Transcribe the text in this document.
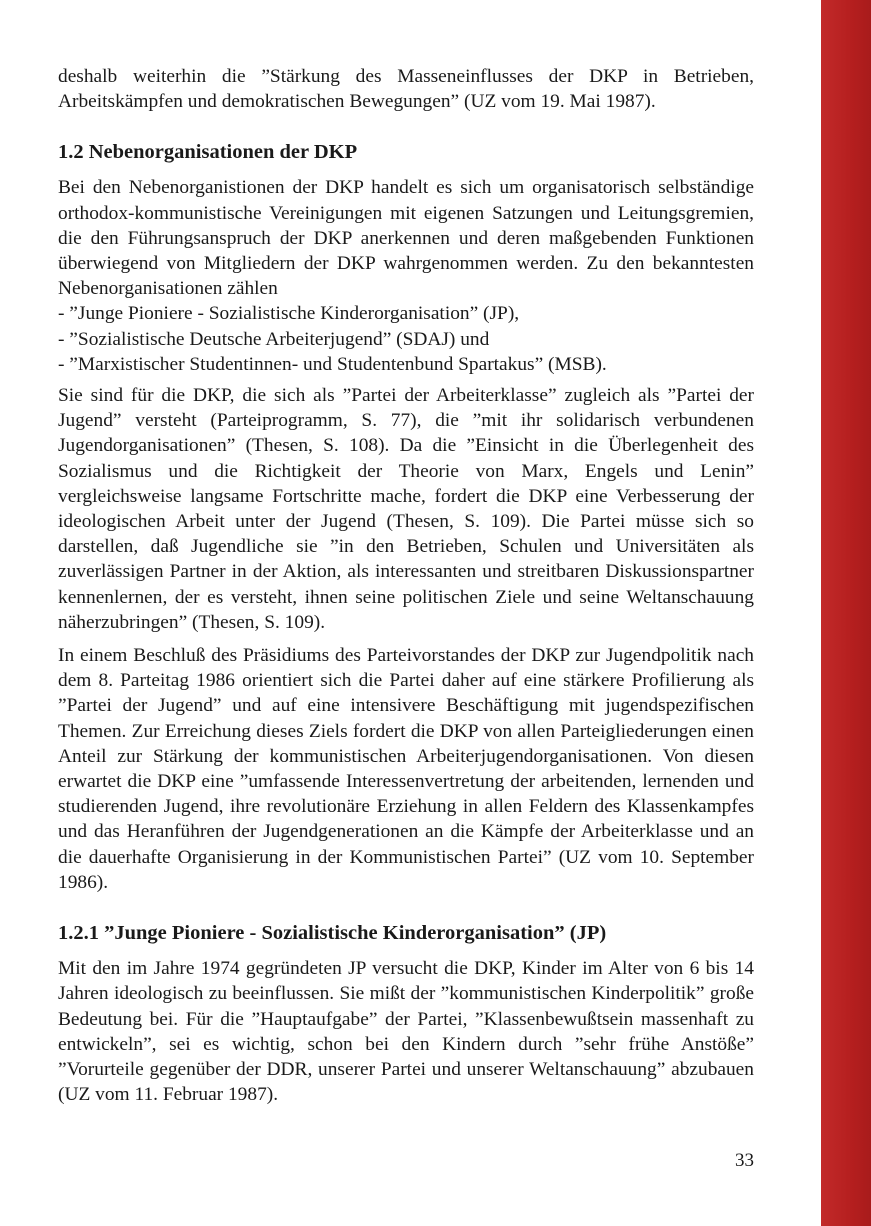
deshalb weiterhin die ”Stärkung des Masseneinflusses der DKP in Betrieben, Arbeitskämpfen und demokratischen Bewegungen” (UZ vom 19. Mai 1987).

1.2 Nebenorganisationen der DKP

Bei den Nebenorganistionen der DKP handelt es sich um organisatorisch selbständige orthodox-kommunistische Vereinigungen mit eigenen Satzungen und Leitungsgremien, die den Führungsanspruch der DKP anerkennen und deren maßgebenden Funktionen überwiegend von Mitgliedern der DKP wahrgenommen werden. Zu den bekanntesten Nebenorganisationen zählen

- ”Junge Pioniere - Sozialistische Kinderorganisation” (JP),
- ”Sozialistische Deutsche Arbeiterjugend” (SDAJ) und
- ”Marxistischer Studentinnen- und Studentenbund Spartakus” (MSB).

Sie sind für die DKP, die sich als ”Partei der Arbeiterklasse” zugleich als ”Partei der Jugend” versteht (Parteiprogramm, S. 77), die ”mit ihr solidarisch verbundenen Jugendorganisationen” (Thesen, S. 108). Da die ”Einsicht in die Überlegenheit des Sozialismus und die Richtigkeit der Theorie von Marx, Engels und Lenin” vergleichsweise langsame Fortschritte mache, fordert die DKP eine Verbesserung der ideologischen Arbeit unter der Jugend (Thesen, S. 109). Die Partei müsse sich so darstellen, daß Jugendliche sie ”in den Betrieben, Schulen und Universitäten als zuverlässigen Partner in der Aktion, als interessanten und streitbaren Diskussionspartner kennenlernen, der es versteht, ihnen seine politischen Ziele und seine Weltanschauung näherzubringen” (Thesen, S. 109).

In einem Beschluß des Präsidiums des Parteivorstandes der DKP zur Jugendpolitik nach dem 8. Parteitag 1986 orientiert sich die Partei daher auf eine stärkere Profilierung als ”Partei der Jugend” und auf eine intensivere Beschäftigung mit jugendspezifischen Themen. Zur Erreichung dieses Ziels fordert die DKP von allen Parteigliederungen einen Anteil zur Stärkung der kommunistischen Arbeiterjugendorganisationen. Von diesen erwartet die DKP eine ”umfassende Interessenvertretung der arbeitenden, lernenden und studierenden Jugend, ihre revolutionäre Erziehung in allen Feldern des Klassenkampfes und das Heranführen der Jugendgenerationen an die Kämpfe der Arbeiterklasse und an die dauerhafte Organisierung in der Kommunistischen Partei” (UZ vom 10. September 1986).

1.2.1 ”Junge Pioniere - Sozialistische Kinderorganisation” (JP)

Mit den im Jahre 1974 gegründeten JP versucht die DKP, Kinder im Alter von 6 bis 14 Jahren ideologisch zu beeinflussen. Sie mißt der ”kommunistischen Kinderpolitik” große Bedeutung bei. Für die ”Hauptaufgabe” der Partei, ”Klassenbewußtsein massenhaft zu entwickeln”, sei es wichtig, schon bei den Kindern durch ”sehr frühe Anstöße” ”Vorurteile gegenüber der DDR, unserer Partei und unserer Weltanschauung” abzubauen (UZ vom 11. Februar 1987).

33
